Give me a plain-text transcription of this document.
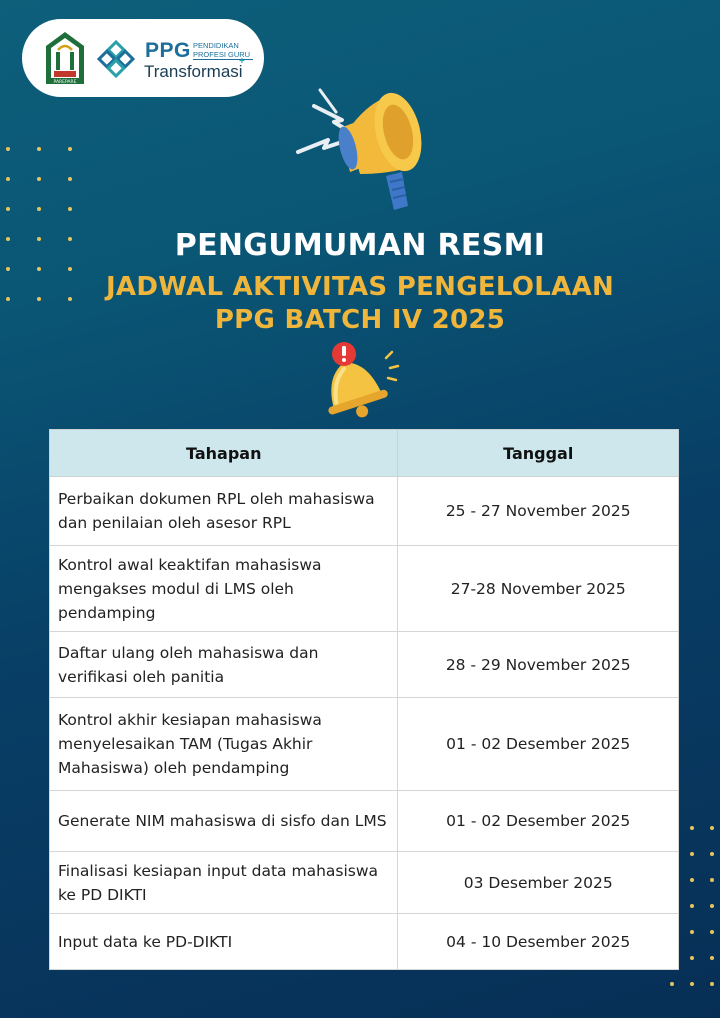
PAREPARE
PPG PENDIDIKAN
PROFESI GURU
Transformasi
+
PENGUMUMAN RESMI
JADWAL AKTIVITAS PENGELOLAAN
PPG BATCH IV 2025
Tahapan	Tanggal
Perbaikan dokumen RPL oleh mahasiswa dan penilaian oleh asesor RPL	25 - 27 November 2025
Kontrol awal keaktifan mahasiswa mengakses modul di LMS oleh pendamping	27-28 November 2025
Daftar ulang oleh mahasiswa dan verifikasi oleh panitia	28 - 29 November 2025
Kontrol akhir kesiapan mahasiswa menyelesaikan TAM (Tugas Akhir Mahasiswa) oleh pendamping	01 - 02 Desember 2025
Generate NIM mahasiswa di sisfo dan LMS	01 - 02 Desember 2025
Finalisasi kesiapan input data mahasiswa ke PD DIKTI	03 Desember 2025
Input data ke PD-DIKTI	04 - 10 Desember 2025
